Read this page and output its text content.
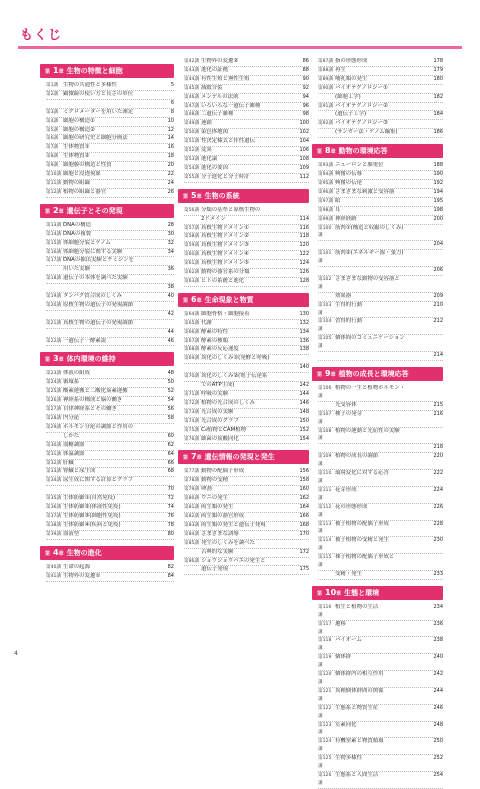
もくじ
第 1章 生物の特徴と細胞
第1講 生物の共通性と多様性	5
第2講 顕微鏡の使い方と長さの単位
6
第3講 ミクロメーターを用いた測定	8
第4講 細胞の構造①	10
第5講 細胞の構造②	12
第6講 細胞の研究史と細胞分画法	14
第7講 生体物質①	16
第8講 生体物質②	18
第9講 細胞膜の構造と性質	20
第10講 細胞と浸透現象	22
第11講 動物の組織	24
第12講 植物の組織と器官	26
第 2章 遺伝子とその発現
第13講 DNAの構造	28
第14講 DNAの複製	30
第15講 体細胞分裂とゲノム	32
第16講 体細胞分裂に関する実験	34
第17講 DNAの抽出実験とチミジンを
用いた実験	36
第18講 遺伝子の本体を調べた実験
38
第19講 タンパク質合成のしくみ	40
第20講 原核生物の遺伝子の発現調節
42
第21講 真核生物の遺伝子の発現調節
44
第22講 一遺伝子一酵素説	46
第 3章 体内環境の維持
第23講 体液の組成	48
第24講 循環系	50
第25講 酸素運搬と二酸化炭素運搬	52
第26講 神経系の構成と脳の働き	54
第27講 自律神経系とその働き	56
第28講 内分泌	58
第29講 ホルモン分泌の調節と作用の
しかた	60
第30講 血糖調節	62
第31講 体温調節	64
第32講 肝臓	66
第33講 腎臓と尿生成	68
第34講 尿生成に関する計算とグラフ
70
第35講 生体防御①(自然免疫)	72
第36講 生体防御②(体液性免疫)	74
第37講 生体防御③(細胞性免疫)	76
第38講 生体防御④(疾病と免疫)	78
第39講 血液型	80
第 4章 生物の進化
第40講 生命の起源	82
第41講 生物界の変遷①	84
第42講 生物界の変遷②	86
第43講 進化の証拠	88
第44講 有性生殖と無性生殖	90
第45講 減数分裂	92
第46講 メンデルの法則	94
第47講 いろいろな一遺伝子雑種	96
第48講 二遺伝子雑種	98
第49講 連鎖	100
第50講 染色体地図	102
第51講 性決定様式と伴性遺伝	104
第52講 変異	106
第53講 進化論	108
第54講 進化の要因	109
第55講 分子進化と分子時計	112
第 5章 生物の系統
第56講 分類の基準と原核生物の
2ドメイン	114
第57講 真核生物ドメイン①	116
第58講 真核生物ドメイン②	118
第59講 真核生物ドメイン③	120
第60講 真核生物ドメイン④	122
第61講 真核生物ドメイン⑤	124
第62講 動物の器官系の分類	126
第63講 ヒトの系統と進化	128
第 6章 生命現象と物質
第64講 細胞骨格・細胞接着	130
第65講 代謝	132
第66講 酵素の特性	134
第67講 酵素の種類	136
第68講 酵素の反応速度	138
第69講 異化のしくみ①(発酵と呼吸)
140
第70講 異化のしくみ②(電子伝達系
でのATP生成)	142
第71講 呼吸の実験	144
第72講 植物の光合成のしくみ	146
第73講 光合成の実験	148
第74講 光合成のグラフ	150
第75講 C₄植物とCAM植物	152
第76講 細菌の炭酸同化	154
第 7章 遺伝情報の発現と発生
第77講 動物の配偶子形成	156
第78講 動物の受精	158
第79講 卵割	160
第80講 ウニの発生	162
第81講 両生類の発生	164
第82講 両生類の器官形成	166
第83講 両生類の発生と遺伝子発現	168
第84講 さまざまな誘導	170
第85講 発生のしくみを調べた
古典的な実験	172
第86講 ショウジョウバエの発生と
遺伝子発現	175
第87講 指の形態形成	178
第88講 再生	179
第89講 哺乳類の発生	180
第90講 バイオテクノロジー①
(細胞工学)	182
第91講 バイオテクノロジー②
(遺伝子工学)	184
第92講 バイオテクノロジー③
(サンガー法・ゲノム編集)	186
第 8章 動物の環境応答
第93講 ニューロンと膜電位	188
第94講 興奮の伝導	190
第95講 興奮の伝達	192
第96講 さまざまな刺激と受容器	194
第97講 眼	195
第98講 耳	198
第99講 神経経路	200
第100講
筋肉①(構造と収縮のしくみ)
204
第101講
筋肉②(エネルギー源・張力)
206
第102講
さまざまな動物の受容器と
効果器	209
第103講
生得的行動	210
第104講
習得的行動	212
第105講
個体間のコミュニケーション
214
第 9章 植物の成長と環境応答
第106講
植物の一生と植物ホルモン・
光受容体	215
第107講
種子の発芽	216
第108講
植物の運動と光屈性の実験
218
第109講
植物の成長の調節	220
第110講
環境変化に対する応答	222
第111講
花芽形成	224
第112講
花の形態形成	226
第113講
被子植物の配偶子形成	228
第114講
被子植物の受精と発生	230
第115講
裸子植物の配偶子形成と
受精・発生	233
第 10章 生態と環境
第116講
植生と植物の生活	234
第117講
遷移	236
第118講
バイオーム	238
第119講
個体群	240
第120講
個体群内の相互作用	242
第121講
異種個体群間の関係	244
第122講
生態系と物質生産	246
第123講
室素同化	248
第124講
有機窒素と物質循環	250
第125講
生物多様性	252
第126講
生態系と人間生活	254
4
